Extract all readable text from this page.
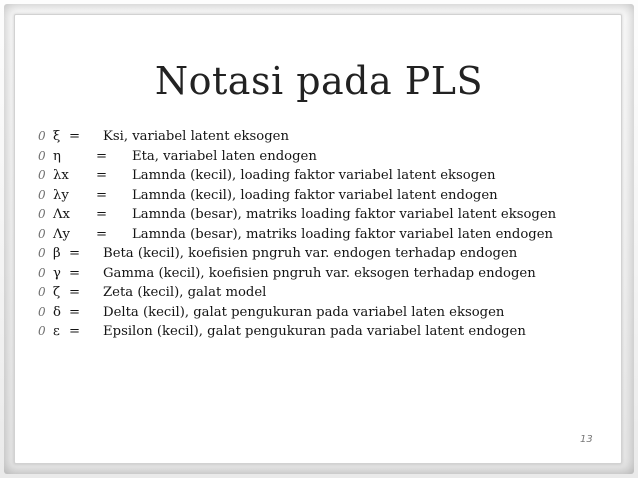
Notasi pada PLS
0 ξ = Ksi, variabel latent eksogen
0 η	= Eta, variabel laten endogen
0 λx = Lamnda (kecil), loading faktor variabel latent eksogen
0 λy = Lamnda (kecil), loading faktor variabel latent endogen
0 Λx = Lamnda (besar), matriks loading faktor variabel latent eksogen
0 Λy = Lamnda (besar), matriks loading faktor variabel laten endogen
0 β = Beta (kecil), koefisien pngruh var. endogen terhadap endogen
0 γ = Gamma (kecil), koefisien pngruh var. eksogen terhadap endogen
0 ζ = Zeta (kecil), galat model
0 δ = Delta (kecil), galat pengukuran pada variabel laten eksogen
0 ε = Epsilon (kecil), galat pengukuran pada variabel latent endogen
13
